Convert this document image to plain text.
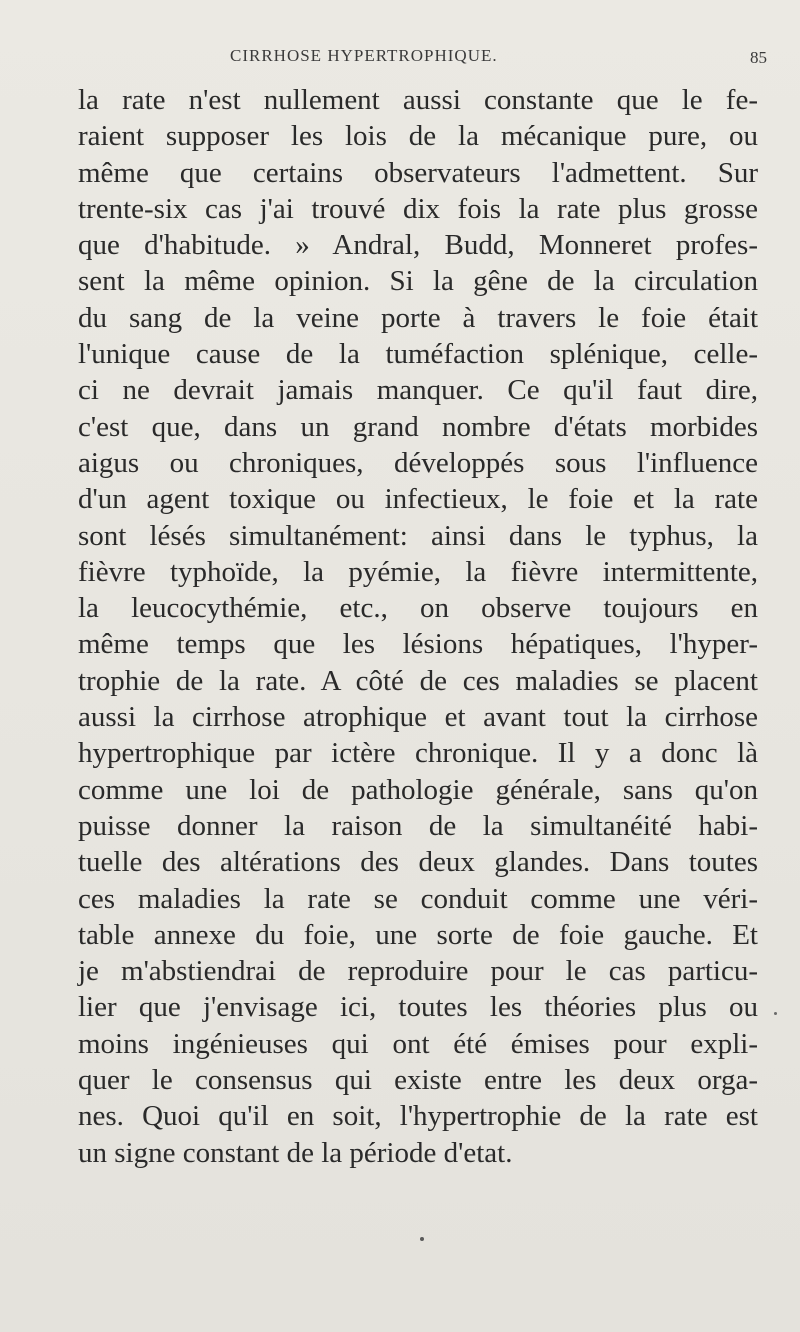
CIRRHOSE HYPERTROPHIQUE.	85
la rate n'est nullement aussi constante que le fe-
raient supposer les lois de la mécanique pure, ou
même que certains observateurs l'admettent. Sur
trente-six cas j'ai trouvé dix fois la rate plus grosse
que d'habitude. » Andral, Budd, Monneret profes-
sent la même opinion. Si la gêne de la circulation
du sang de la veine porte à travers le foie était
l'unique cause de la tuméfaction splénique, celle-
ci ne devrait jamais manquer. Ce qu'il faut dire,
c'est que, dans un grand nombre d'états morbides
aigus ou chroniques, développés sous l'influence
d'un agent toxique ou infectieux, le foie et la rate
sont lésés simultanément: ainsi dans le typhus, la
fièvre typhoïde, la pyémie, la fièvre intermittente,
la leucocythémie, etc., on observe toujours en
même temps que les lésions hépatiques, l'hyper-
trophie de la rate. A côté de ces maladies se placent
aussi la cirrhose atrophique et avant tout la cirrhose
hypertrophique par ictère chronique. Il y a donc là
comme une loi de pathologie générale, sans qu'on
puisse donner la raison de la simultanéité habi-
tuelle des altérations des deux glandes. Dans toutes
ces maladies la rate se conduit comme une véri-
table annexe du foie, une sorte de foie gauche. Et
je m'abstiendrai de reproduire pour le cas particu-
lier que j'envisage ici, toutes les théories plus ou
moins ingénieuses qui ont été émises pour expli-
quer le consensus qui existe entre les deux orga-
nes. Quoi qu'il en soit, l'hypertrophie de la rate est
un signe constant de la période d'etat.
